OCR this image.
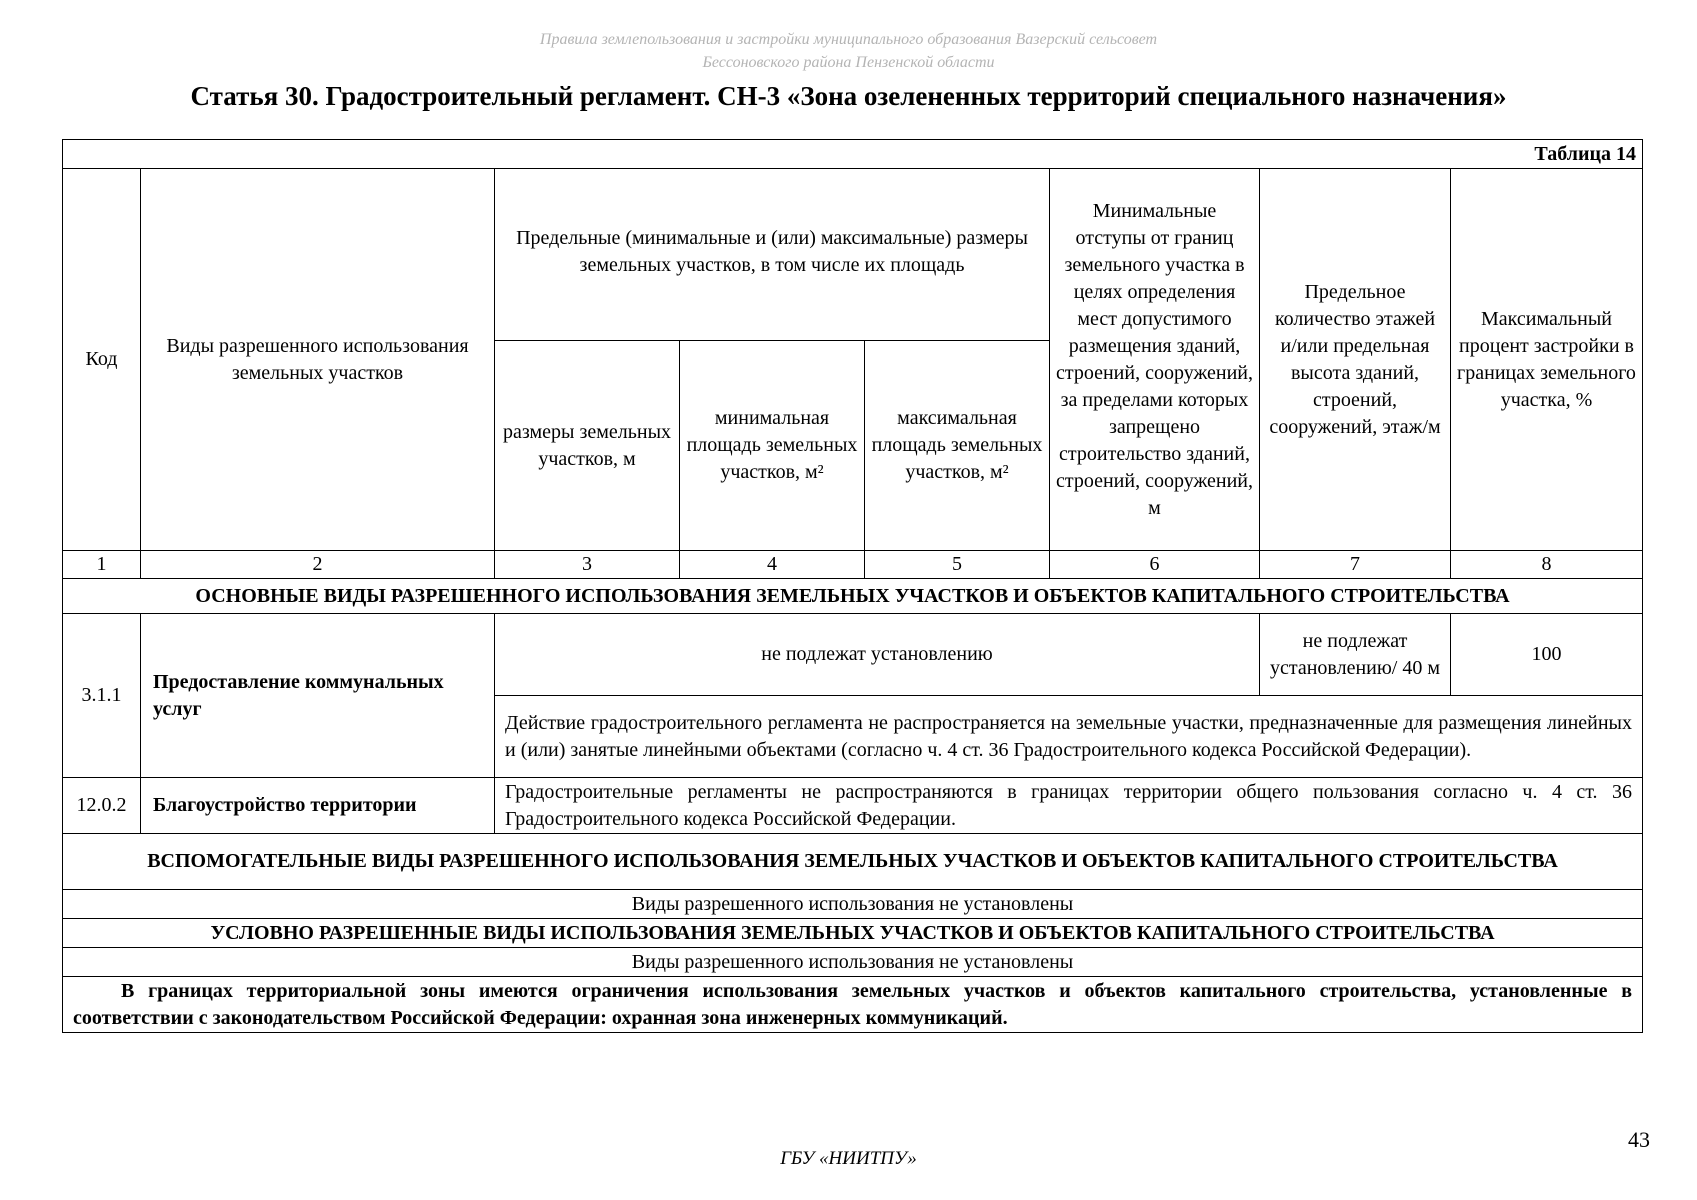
Правила землепользования и застройки муниципального образования Вазерский сельсовет
Бессоновского района Пензенской области
Статья 30. Градостроительный регламент. СН-3 «Зона озелененных территорий специального назначения»
Таблица 14							
Код	Виды разрешенного использования земельных участков	Предельные (минимальные и (или) максимальные) размеры земельных участков, в том числе их площадь			Минимальные отступы от границ земельного участка в целях определения мест допустимого размещения зданий, строений, сооружений, за пределами которых запрещено строительство зданий, строений, сооружений, м	Предельное количество этажей и/или предельная высота зданий, строений, сооружений, этаж/м	Максимальный процент застройки в границах земельного участка, %
		размеры земельных участков, м	минимальная площадь земельных участков, м²	максимальная площадь земельных участков, м²			
1	2	3	4	5	6	7	8
ОСНОВНЫЕ ВИДЫ РАЗРЕШЕННОГО ИСПОЛЬЗОВАНИЯ ЗЕМЕЛЬНЫХ УЧАСТКОВ И ОБЪЕКТОВ КАПИТАЛЬНОГО СТРОИТЕЛЬСТВА							
3.1.1	Предоставление коммунальных услуг	не подлежат установлению				не подлежат установлению/ 40 м	100
		Действие градостроительного регламента не распространяется на земельные участки, предназначенные для размещения линейных и (или) занятые линейными объектами (согласно ч. 4 ст. 36 Градостроительного кодекса Российской Федерации).					
12.0.2	Благоустройство территории	Градостроительные регламенты не распространяются в границах территории общего пользования согласно ч. 4 ст. 36 Градостроительного кодекса Российской Федерации.					
ВСПОМОГАТЕЛЬНЫЕ ВИДЫ РАЗРЕШЕННОГО ИСПОЛЬЗОВАНИЯ ЗЕМЕЛЬНЫХ УЧАСТКОВ И ОБЪЕКТОВ КАПИТАЛЬНОГО СТРОИТЕЛЬСТВА							
Виды разрешенного использования не установлены							
УСЛОВНО РАЗРЕШЕННЫЕ ВИДЫ ИСПОЛЬЗОВАНИЯ ЗЕМЕЛЬНЫХ УЧАСТКОВ И ОБЪЕКТОВ КАПИТАЛЬНОГО СТРОИТЕЛЬСТВА							
Виды разрешенного использования не установлены							
В границах территориальной зоны имеются ограничения использования земельных участков и объектов капитального строительства, установленные в соответствии с законодательством Российской Федерации: охранная зона инженерных коммуникаций.							
43
ГБУ «НИИТПУ»
